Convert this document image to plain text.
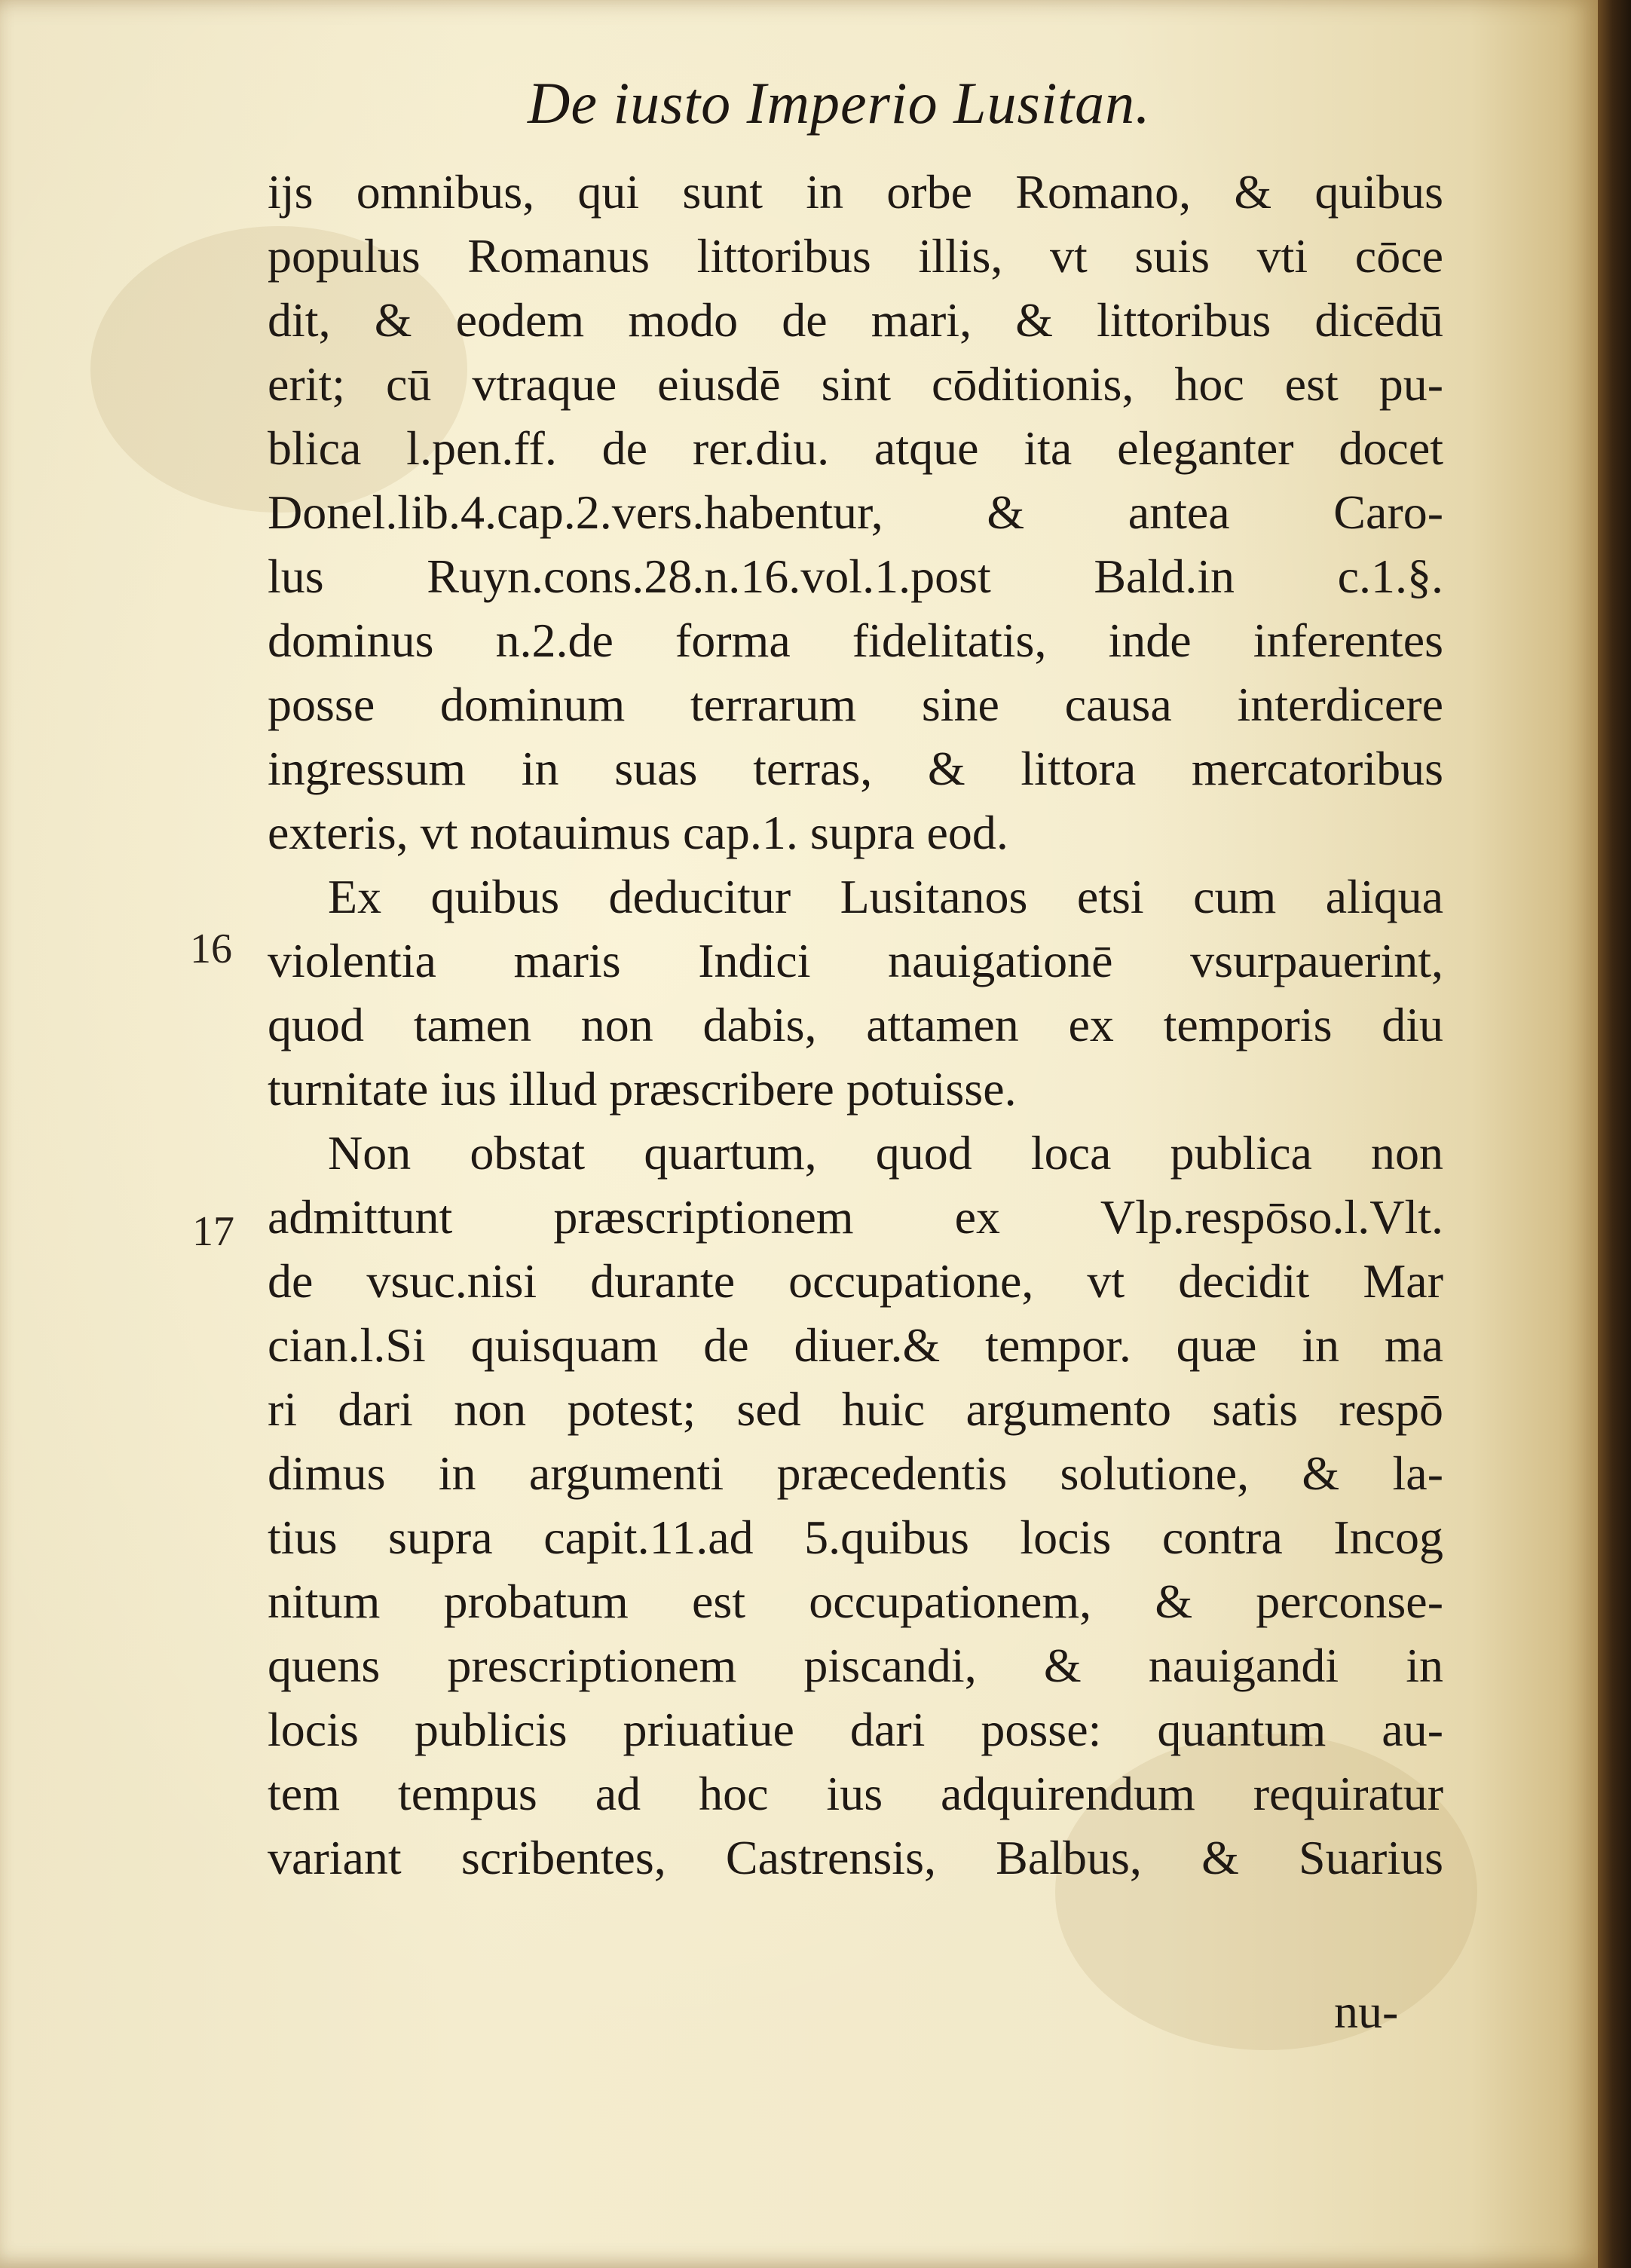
De iusto Imperio Lusitan.
16
17
ijs omnibus, qui sunt in orbe Romano, & quibus
populus Romanus littoribus illis, vt suis vti cōce
dit, & eodem modo de mari, & littoribus dicēdū
erit; cū vtraque eiusdē sint cōditionis, hoc est pu-
blica l.pen.ff. de rer.diu. atque ita eleganter docet
Donel.lib.4.cap.2.vers.habentur, & antea Caro-
lus Ruyn.cons.28.n.16.vol.1.post Bald.in c.1.§.
dominus n.2.de forma fidelitatis, inde inferentes
posse dominum terrarum sine causa interdicere
ingressum in suas terras, & littora mercatoribus
exteris, vt notauimus cap.1. supra eod.
Ex quibus deducitur Lusitanos etsi cum aliqua
violentia maris Indici nauigationē vsurpauerint,
quod tamen non dabis, attamen ex temporis diu
turnitate ius illud præscribere potuisse.
Non obstat quartum, quod loca publica non
admittunt præscriptionem ex Vlp.respōso.l.Vlt.
de vsuc.nisi durante occupatione, vt decidit Mar
cian.l.Si quisquam de diuer.& tempor. quæ in ma
ri dari non potest; sed huic argumento satis respō
dimus in argumenti præcedentis solutione, & la-
tius supra capit.11.ad 5.quibus locis contra Incog
nitum probatum est occupationem, & perconse-
quens prescriptionem piscandi, & nauigandi in
locis publicis priuatiue dari posse: quantum au-
tem tempus ad hoc ius adquirendum requiratur
variant scribentes, Castrensis, Balbus, & Suarius
nu-
